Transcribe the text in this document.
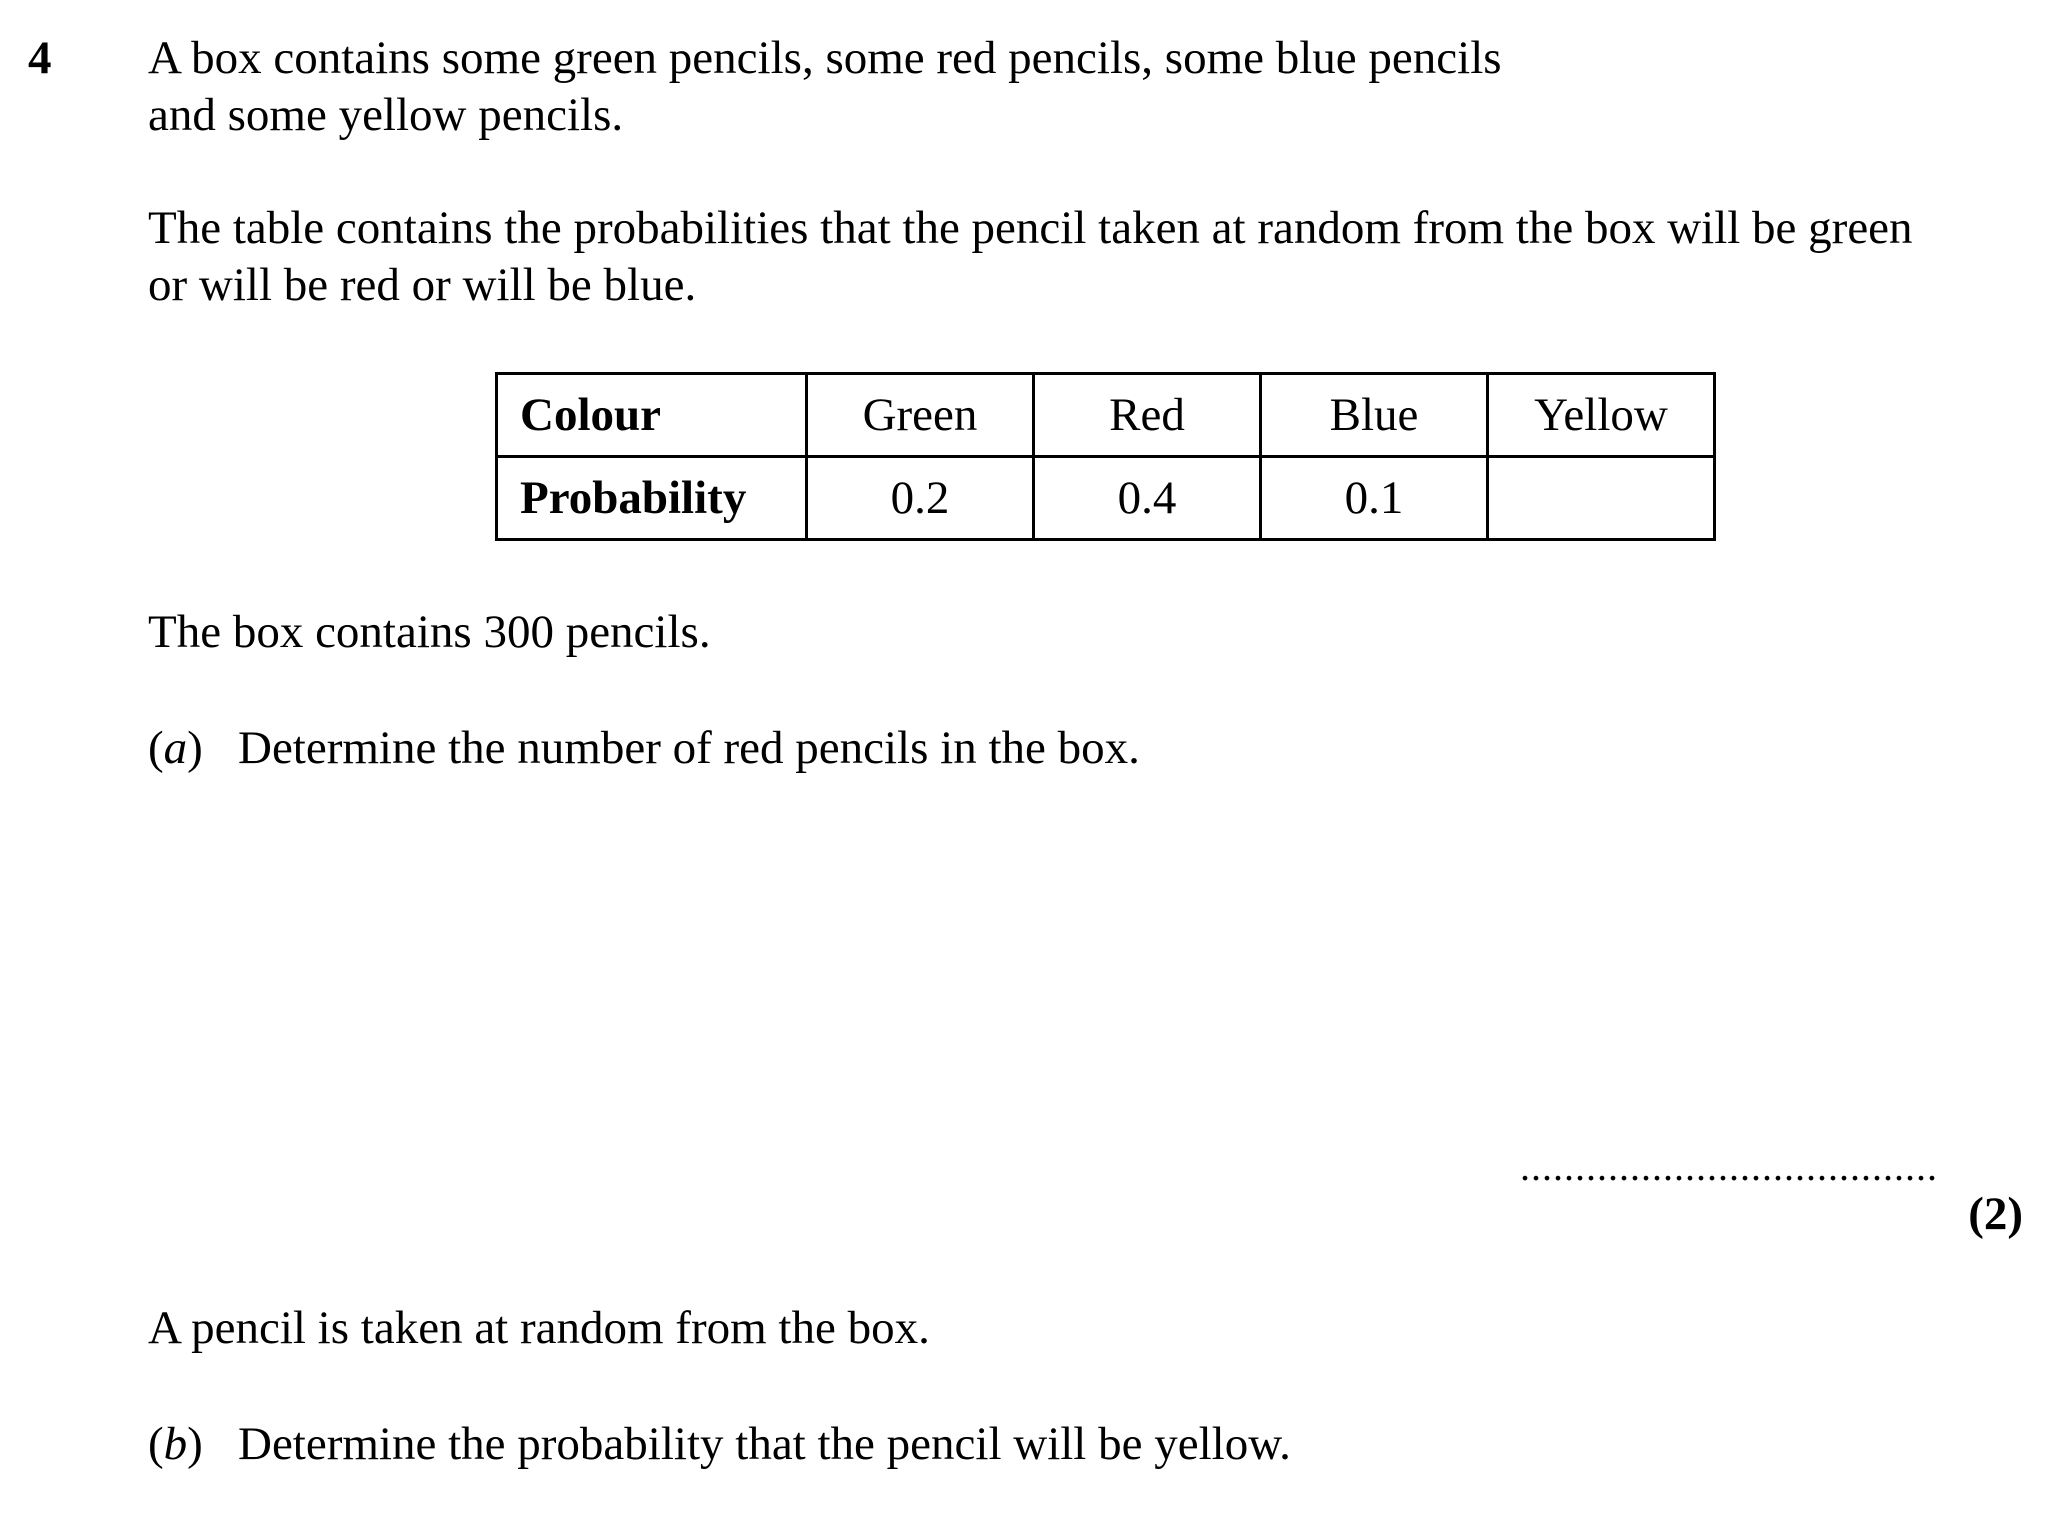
4 A box contains some green pencils, some red pencils, some blue pencils
and some yellow pencils.
The table contains the probabilities that the pencil taken at random from the box will be green
or will be red or will be blue.
Colour	Green	Red	Blue	Yellow
Probability	0.2	0.4	0.1	
The box contains 300 pencils.
(a) Determine the number of red pencils in the box.
......................................
(2)
A pencil is taken at random from the box.
(b) Determine the probability that the pencil will be yellow.
